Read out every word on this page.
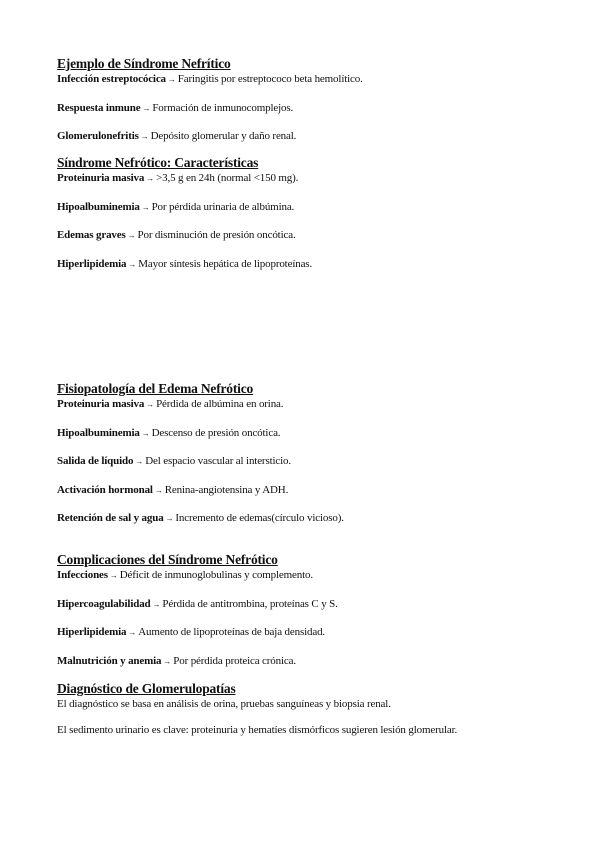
Ejemplo de Síndrome Nefrítico

Infección estreptocócica → Faringitis por estreptococo beta hemolítico.

Respuesta inmune → Formación de inmunocomplejos.

Glomerulonefritis → Depósito glomerular y daño renal.

Síndrome Nefrótico: Características

Proteinuria masiva → >3,5 g en 24h (normal <150 mg).

Hipoalbuminemia → Por pérdida urinaria de albúmina.

Edemas graves → Por disminución de presión oncótica.

Hiperlipidemia → Mayor síntesis hepática de lipoproteínas.

Fisiopatología del Edema Nefrótico

Proteinuria masiva → Pérdida de albúmina en orina.

Hipoalbuminemia → Descenso de presión oncótica.

Salida de líquido → Del espacio vascular al intersticio.

Activación hormonal → Renina-angiotensina y ADH.

Retención de sal y agua → Incremento de edemas(círculo vicioso).

Complicaciones del Síndrome Nefrótico

Infecciones → Déficit de inmunoglobulinas y complemento.

Hipercoagulabilidad → Pérdida de antitrombina, proteínas C y S.

Hiperlipidemia → Aumento de lipoproteínas de baja densidad.

Malnutrición y anemia → Por pérdida proteica crónica.

Diagnóstico de Glomerulopatías

El diagnóstico se basa en análisis de orina, pruebas sanguíneas y biopsia renal.

El sedimento urinario es clave: proteinuria y hematíes dismórficos sugieren lesión glomerular.
